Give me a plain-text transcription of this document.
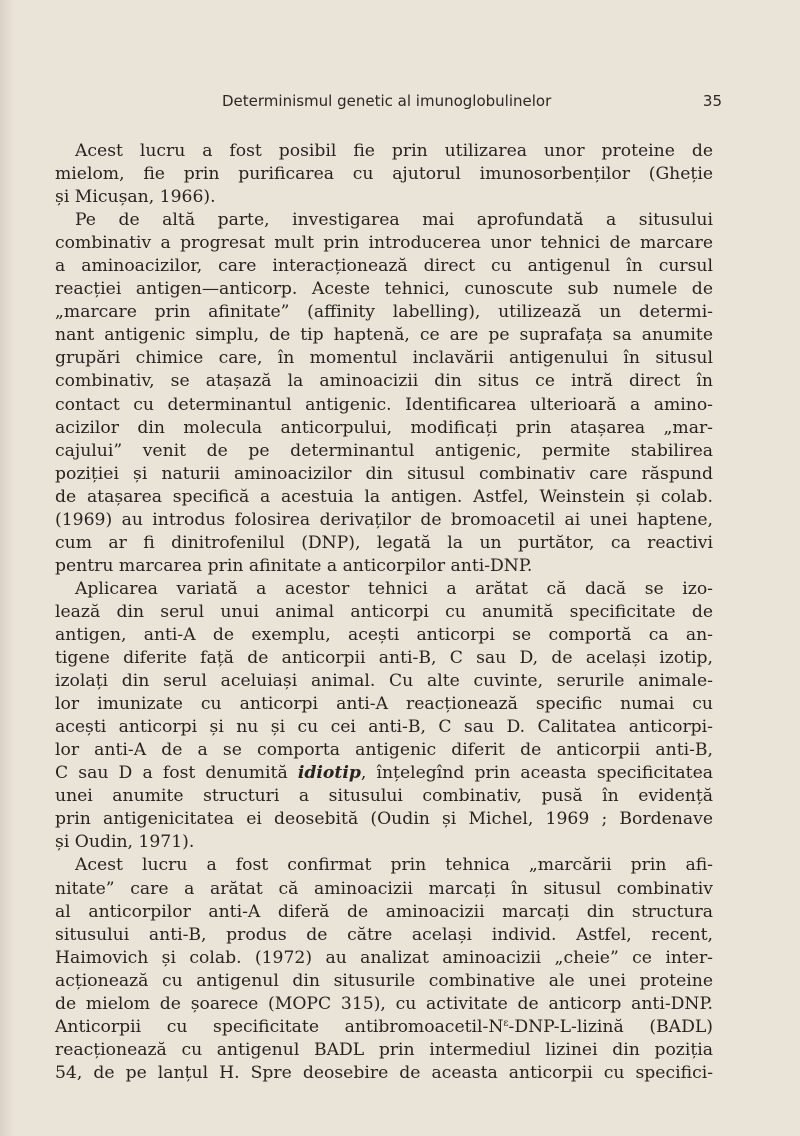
Determinismul genetic al imunoglobulinelor	35
Acest lucru a fost posibil fie prin utilizarea unor proteine de
mielom, fie prin purificarea cu ajutorul imunosorbenților (Gheție
și Micușan, 1966).
Pe de altă parte, investigarea mai aprofundată a situsului
combinativ a progresat mult prin introducerea unor tehnici de marcare
a aminoacizilor, care interacționează direct cu antigenul în cursul
reacției antigen—anticorp. Aceste tehnici, cunoscute sub numele de
„marcare prin afinitate” (affinity labelling), utilizează un determi-
nant antigenic simplu, de tip haptenă, ce are pe suprafața sa anumite
grupări chimice care, în momentul inclavării antigenului în situsul
combinativ, se atașază la aminoacizii din situs ce intră direct în
contact cu determinantul antigenic. Identificarea ulterioară a amino-
acizilor din molecula anticorpului, modificați prin atașarea „mar-
cajului” venit de pe determinantul antigenic, permite stabilirea
poziției și naturii aminoacizilor din situsul combinativ care răspund
de atașarea specifică a acestuia la antigen. Astfel, Weinstein și colab.
(1969) au introdus folosirea derivaților de bromoacetil ai unei haptene,
cum ar fi dinitrofenilul (DNP), legată la un purtător, ca reactivi
pentru marcarea prin afinitate a anticorpilor anti-DNP.
Aplicarea variată a acestor tehnici a arătat că dacă se izo-
lează din serul unui animal anticorpi cu anumită specificitate de
antigen, anti-A de exemplu, acești anticorpi se comportă ca an-
tigene diferite față de anticorpii anti-B, C sau D, de același izotip,
izolați din serul aceluiași animal. Cu alte cuvinte, serurile animale-
lor imunizate cu anticorpi anti-A reacționează specific numai cu
acești anticorpi și nu și cu cei anti-B, C sau D. Calitatea anticorpi-
lor anti-A de a se comporta antigenic diferit de anticorpii anti-B,
C sau D a fost denumită idiotip, înțelegînd prin aceasta specificitatea
unei anumite structuri a situsului combinativ, pusă în evidență
prin antigenicitatea ei deosebită (Oudin și Michel, 1969 ; Bordenave
și Oudin, 1971).
Acest lucru a fost confirmat prin tehnica „marcării prin afi-
nitate” care a arătat că aminoacizii marcați în situsul combinativ
al anticorpilor anti-A diferă de aminoacizii marcați din structura
situsului anti-B, produs de către același individ. Astfel, recent,
Haimovich și colab. (1972) au analizat aminoacizii „cheie” ce inter-
acționează cu antigenul din situsurile combinative ale unei proteine
de mielom de șoarece (MOPC 315), cu activitate de anticorp anti-DNP.
Anticorpii cu specificitate antibromoacetil-$N^\varepsilon-DNP-L$-lizină (BADL)
reacționează cu antigenul BADL prin intermediul lizinei din poziția
54, de pe lanțul H. Spre deosebire de aceasta anticorpii cu specifici-
